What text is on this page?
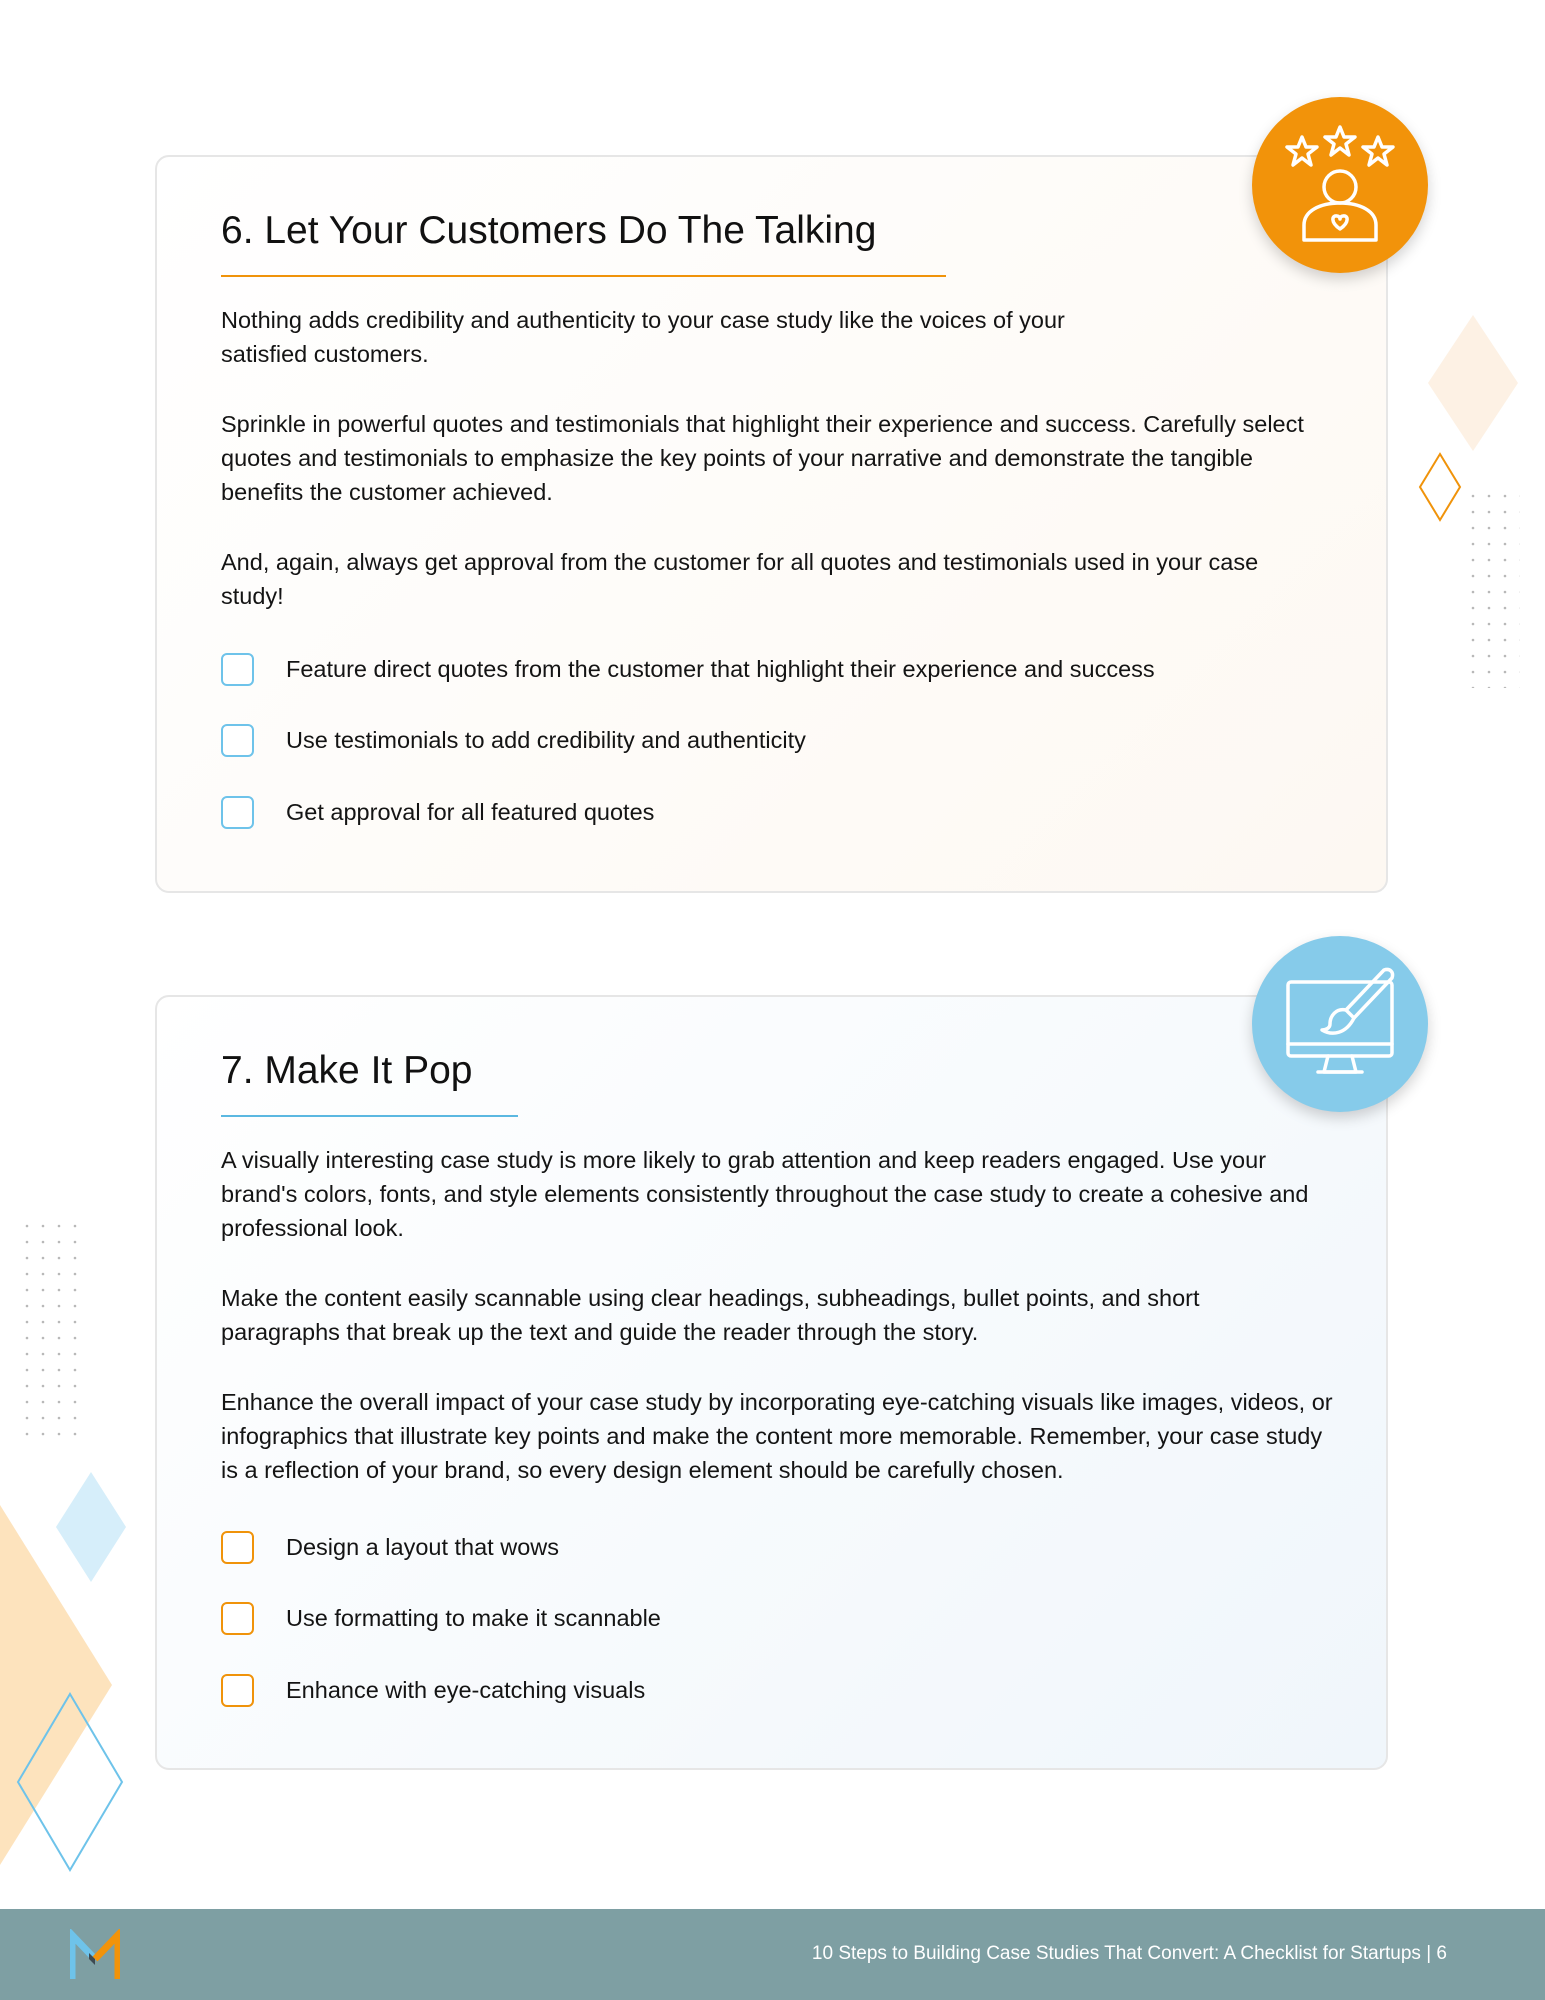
6. Let Your Customers Do The Talking

Nothing adds credibility and authenticity to your case study like the voices of your satisfied customers.

Sprinkle in powerful quotes and testimonials that highlight their experience and success. Carefully select quotes and testimonials to emphasize the key points of your narrative and demonstrate the tangible benefits the customer achieved.

And, again, always get approval from the customer for all quotes and testimonials used in your case study!

Feature direct quotes from the customer that highlight their experience and success
Use testimonials to add credibility and authenticity
Get approval for all featured quotes
7. Make It Pop

A visually interesting case study is more likely to grab attention and keep readers engaged. Use your brand's colors, fonts, and style elements consistently throughout the case study to create a cohesive and professional look.

Make the content easily scannable using clear headings, subheadings, bullet points, and short paragraphs that break up the text and guide the reader through the story.

Enhance the overall impact of your case study by incorporating eye-catching visuals like images, videos, or infographics that illustrate key points and make the content more memorable. Remember, your case study is a reflection of your brand, so every design element should be carefully chosen.

Design a layout that wows
Use formatting to make it scannable
Enhance with eye-catching visuals
10 Steps to Building Case Studies That Convert: A Checklist for Startups | 6
